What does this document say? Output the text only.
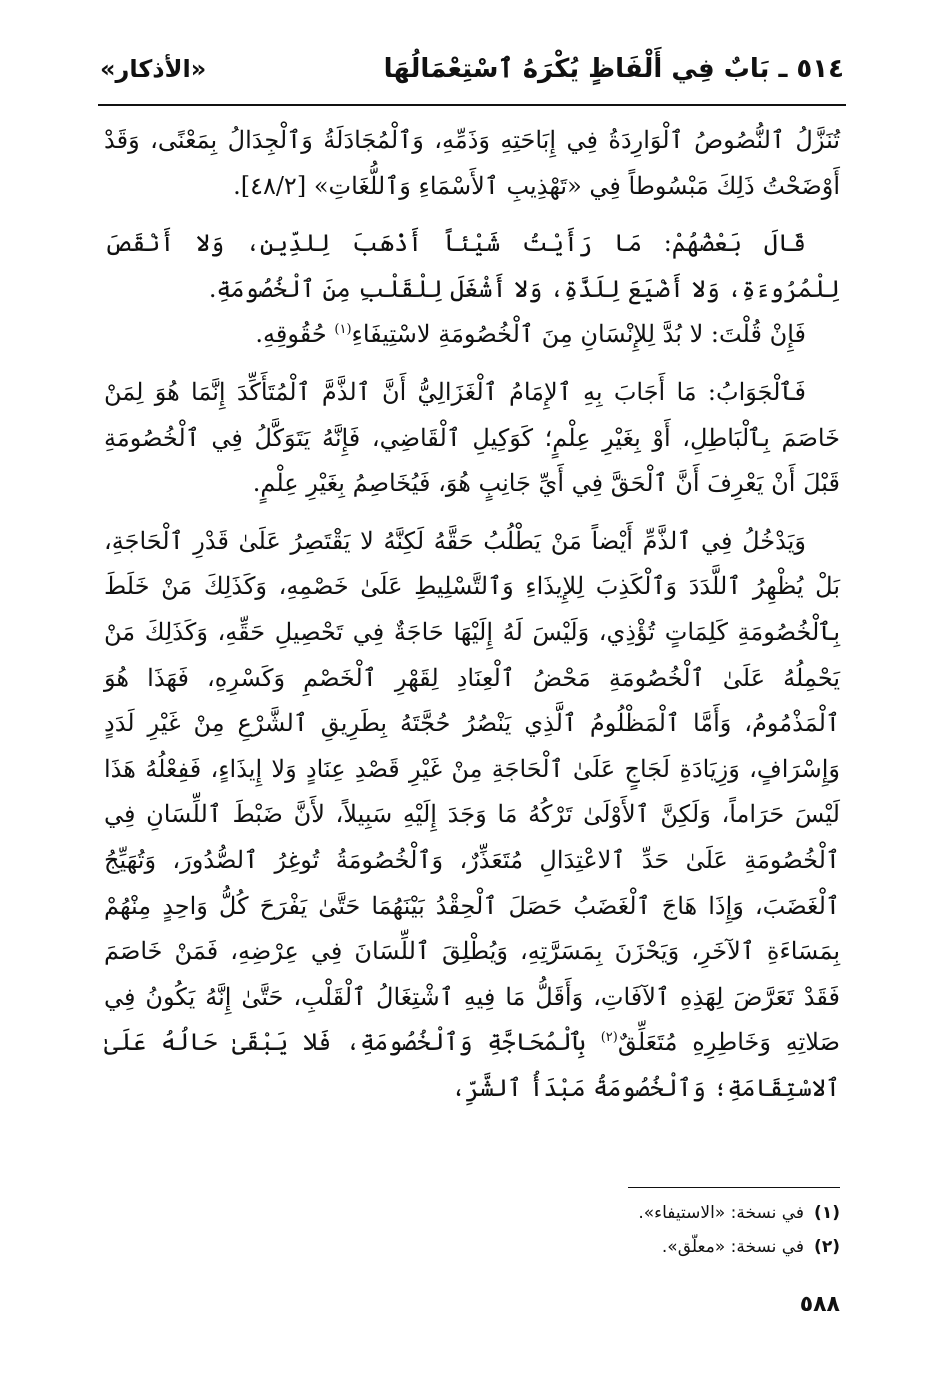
٥١٤ ـ بَابٌ فِي أَلْفَاظٍ يُكْرَهُ ٱسْتِعْمَالُهَا
«الأذكار»

تُنَزَّلُ ٱلنُّصُوصُ ٱلْوَارِدَةُ فِي إِبَاحَتِهِ وَذَمِّهِ، وَٱلْمُجَادَلَةُ وَٱلْجِدَالُ بِمَعْنًى، وَقَدْ أَوْضَحْتُ ذَلِكَ مَبْسُوطاً فِي «تَهْذِيبِ ٱلأَسْمَاءِ وَٱللُّغَاتِ» [٤٨/٢].

قَالَ بَعْضُهُمْ: مَا رَأَيْتُ شَيْئاً أَذْهَبَ لِلدِّينِ، وَلا أَنْقَصَ لِلْمُرُوءَةِ، وَلا أَضْيَعَ لِلَذَّةِ، وَلا أَشْغَلَ لِلْقَلْبِ مِنَ ٱلْخُصُومَةِ.

فَإِنْ قُلْتَ: لا بُدَّ لِلإِنْسَانِ مِنَ ٱلْخُصُومَةِ لاسْتِيفَاءِ$^{(١)}$ حُقُوقِهِ.

فَٱلْجَوَابُ: مَا أَجَابَ بِهِ ٱلإِمَامُ ٱلْغَزَالِيُّ أَنَّ ٱلذَّمَّ ٱلْمُتَأَكِّدَ إِنَّمَا هُوَ لِمَنْ خَاصَمَ بِٱلْبَاطِلِ، أَوْ بِغَيْرِ عِلْمٍ؛ كَوَكِيلِ ٱلْقَاضِي، فَإِنَّهُ يَتَوَكَّلُ فِي ٱلْخُصُومَةِ قَبْلَ أَنْ يَعْرِفَ أَنَّ ٱلْحَقَّ فِي أَيِّ جَانِبٍ هُوَ، فَيُخَاصِمُ بِغَيْرِ عِلْمٍ.

وَيَدْخُلُ فِي ٱلذَّمِّ أَيْضاً مَنْ يَطْلُبُ حَقَّهُ لَكِنَّهُ لا يَقْتَصِرُ عَلَىٰ قَدْرِ ٱلْحَاجَةِ، بَلْ يُظْهِرُ ٱللَّدَدَ وَٱلْكَذِبَ لِلإِيذَاءِ وَٱلتَّسْلِيطِ عَلَىٰ خَصْمِهِ، وَكَذَلِكَ مَنْ خَلَطَ بِٱلْخُصُومَةِ كَلِمَاتٍ تُؤْذِي، وَلَيْسَ لَهُ إِلَيْهَا حَاجَةٌ فِي تَحْصِيلِ حَقِّهِ، وَكَذَلِكَ مَنْ يَحْمِلُهُ عَلَىٰ ٱلْخُصُومَةِ مَحْضُ ٱلْعِنَادِ لِقَهْرِ ٱلْخَصْمِ وَكَسْرِهِ، فَهَذَا هُوَ ٱلْمَذْمُومُ، وَأَمَّا ٱلْمَظْلُومُ ٱلَّذِي يَنْصُرُ حُجَّتَهُ بِطَرِيقِ ٱلشَّرْعِ مِنْ غَيْرِ لَدَدٍ وَإِسْرَافٍ، وَزِيَادَةِ لَجَاجٍ عَلَىٰ ٱلْحَاجَةِ مِنْ غَيْرِ قَصْدِ عِنَادٍ وَلا إِيذَاءٍ، فَفِعْلُهُ هَذَا لَيْسَ حَرَاماً، وَلَكِنَّ ٱلأَوْلَىٰ تَرْكُهُ مَا وَجَدَ إِلَيْهِ سَبِيلاً، لأَنَّ ضَبْطَ ٱللِّسَانِ فِي ٱلْخُصُومَةِ عَلَىٰ حَدِّ ٱلاعْتِدَالِ مُتَعَذِّرٌ، وَٱلْخُصُومَةُ تُوغِرُ ٱلصُّدُورَ، وَتُهَيِّجُ ٱلْغَضَبَ، وَإِذَا هَاجَ ٱلْغَضَبُ حَصَلَ ٱلْحِقْدُ بَيْنَهُمَا حَتَّىٰ يَفْرَحَ كُلُّ وَاحِدٍ مِنْهُمْ بِمَسَاءَةِ ٱلآخَرِ، وَيَحْزَنَ بِمَسَرَّتِهِ، وَيُطْلِقَ ٱللِّسَانَ فِي عِرْضِهِ، فَمَنْ خَاصَمَ فَقَدْ تَعَرَّضَ لِهَذِهِ ٱلآفَاتِ، وَأَقَلُّ مَا فِيهِ ٱشْتِغَالُ ٱلْقَلْبِ، حَتَّىٰ إِنَّهُ يَكُونُ فِي صَلاتِهِ وَخَاطِرِهِ مُتَعَلِّقٌ$^{(٢)}$ بِٱلْمُحَاجَّةِ وَٱلْخُصُومَةِ، فَلا يَبْقَىٰ حَالُهُ عَلَىٰ ٱلاسْتِقَامَةِ؛ وَٱلْخُصُومَةُ مَبْدَأُ ٱلشَّرِّ،

(١)في نسخة: «الاستيفاء».
(٢)في نسخة: «معلّق».
٥٨٨
